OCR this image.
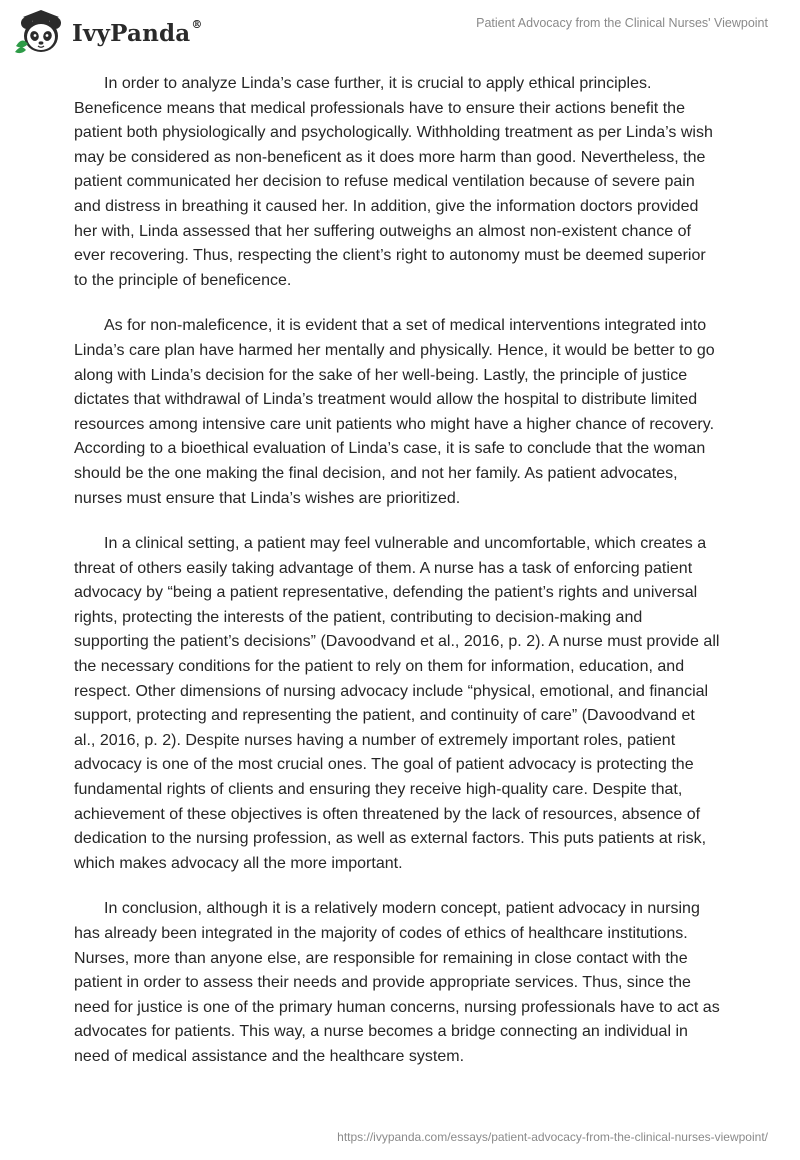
IvyPanda®	Patient Advocacy from the Clinical Nurses' Viewpoint

In order to analyze Linda’s case further, it is crucial to apply ethical principles. Beneficence means that medical professionals have to ensure their actions benefit the patient both physiologically and psychologically. Withholding treatment as per Linda’s wish may be considered as non-beneficent as it does more harm than good. Nevertheless, the patient communicated her decision to refuse medical ventilation because of severe pain and distress in breathing it caused her. In addition, give the information doctors provided her with, Linda assessed that her suffering outweighs an almost non-existent chance of ever recovering. Thus, respecting the client’s right to autonomy must be deemed superior to the principle of beneficence.

As for non-maleficence, it is evident that a set of medical interventions integrated into Linda’s care plan have harmed her mentally and physically. Hence, it would be better to go along with Linda’s decision for the sake of her well-being. Lastly, the principle of justice dictates that withdrawal of Linda’s treatment would allow the hospital to distribute limited resources among intensive care unit patients who might have a higher chance of recovery. According to a bioethical evaluation of Linda’s case, it is safe to conclude that the woman should be the one making the final decision, and not her family. As patient advocates, nurses must ensure that Linda’s wishes are prioritized.

In a clinical setting, a patient may feel vulnerable and uncomfortable, which creates a threat of others easily taking advantage of them. A nurse has a task of enforcing patient advocacy by “being a patient representative, defending the patient’s rights and universal rights, protecting the interests of the patient, contributing to decision-making and supporting the patient’s decisions” (Davoodvand et al., 2016, p. 2). A nurse must provide all the necessary conditions for the patient to rely on them for information, education, and respect. Other dimensions of nursing advocacy include “physical, emotional, and financial support, protecting and representing the patient, and continuity of care” (Davoodvand et al., 2016, p. 2). Despite nurses having a number of extremely important roles, patient advocacy is one of the most crucial ones. The goal of patient advocacy is protecting the fundamental rights of clients and ensuring they receive high-quality care. Despite that, achievement of these objectives is often threatened by the lack of resources, absence of dedication to the nursing profession, as well as external factors. This puts patients at risk, which makes advocacy all the more important.

In conclusion, although it is a relatively modern concept, patient advocacy in nursing has already been integrated in the majority of codes of ethics of healthcare institutions. Nurses, more than anyone else, are responsible for remaining in close contact with the patient in order to assess their needs and provide appropriate services. Thus, since the need for justice is one of the primary human concerns, nursing professionals have to act as advocates for patients. This way, a nurse becomes a bridge connecting an individual in need of medical assistance and the healthcare system.

https://ivypanda.com/essays/patient-advocacy-from-the-clinical-nurses-viewpoint/
